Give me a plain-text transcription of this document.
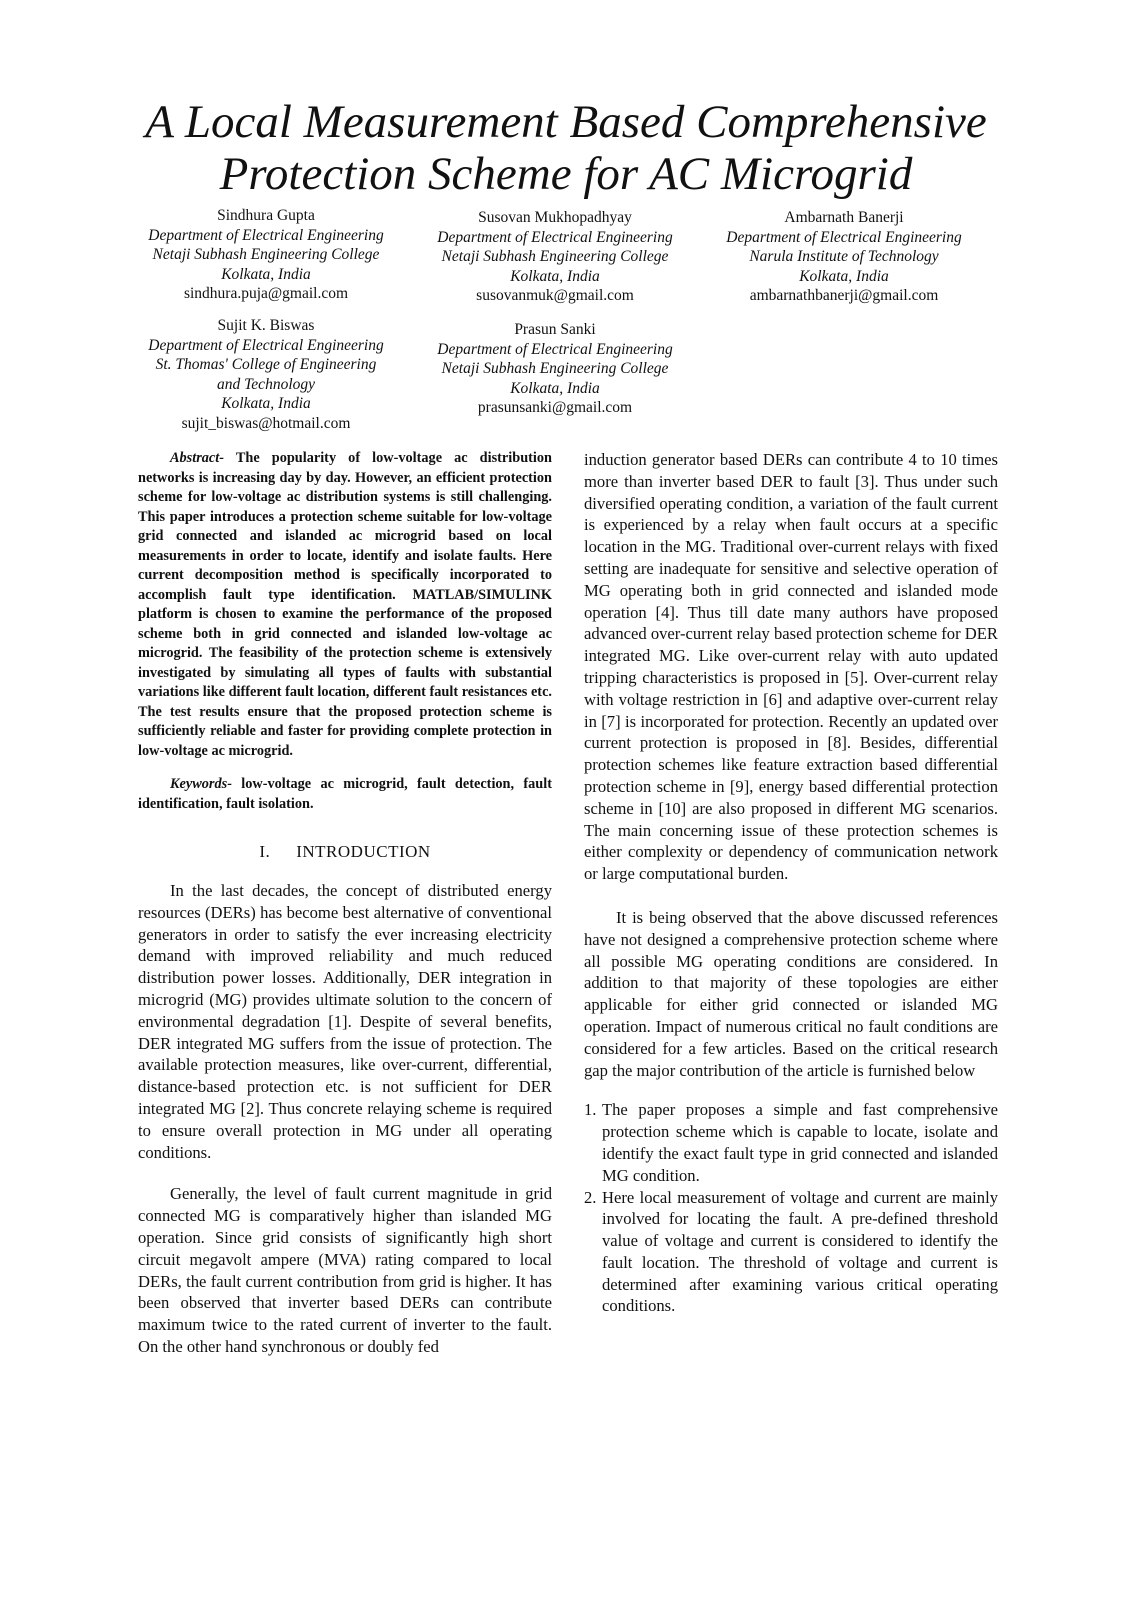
A Local Measurement Based Comprehensive
Protection Scheme for AC Microgrid
Sindhura Gupta
Department of Electrical Engineering
Netaji Subhash Engineering College
Kolkata, India
sindhura.puja@gmail.com
Susovan Mukhopadhyay
Department of Electrical Engineering
Netaji Subhash Engineering College
Kolkata, India
susovanmuk@gmail.com
Ambarnath Banerji
Department of Electrical Engineering
Narula Institute of Technology
Kolkata, India
ambarnathbanerji@gmail.com
Sujit K. Biswas
Department of Electrical Engineering
St. Thomas' College of Engineering
and Technology
Kolkata, India
sujit_biswas@hotmail.com
Prasun Sanki
Department of Electrical Engineering
Netaji Subhash Engineering College
Kolkata, India
prasunsanki@gmail.com

Abstract- The popularity of low-voltage ac distribution networks is increasing day by day. However, an efficient protection scheme for low-voltage ac distribution systems is still challenging. This paper introduces a protection scheme suitable for low-voltage grid connected and islanded ac microgrid based on local measurements in order to locate, identify and isolate faults. Here current decomposition method is specifically incorporated to accomplish fault type identification. MATLAB/SIMULINK platform is chosen to examine the performance of the proposed scheme both in grid connected and islanded low-voltage ac microgrid. The feasibility of the protection scheme is extensively investigated by simulating all types of faults with substantial variations like different fault location, different fault resistances etc. The test results ensure that the proposed protection scheme is sufficiently reliable and faster for providing complete protection in low-voltage ac microgrid.

Keywords- low-voltage ac microgrid, fault detection, fault identification, fault isolation.

I. INTRODUCTION

In the last decades, the concept of distributed energy resources (DERs) has become best alternative of conventional generators in order to satisfy the ever increasing electricity demand with improved reliability and much reduced distribution power losses. Additionally, DER integration in microgrid (MG) provides ultimate solution to the concern of environmental degradation [1]. Despite of several benefits, DER integrated MG suffers from the issue of protection. The available protection measures, like over-current, differential, distance-based protection etc. is not sufficient for DER integrated MG [2]. Thus concrete relaying scheme is required to ensure overall protection in MG under all operating conditions.

Generally, the level of fault current magnitude in grid connected MG is comparatively higher than islanded MG operation. Since grid consists of significantly high short circuit megavolt ampere (MVA) rating compared to local DERs, the fault current contribution from grid is higher. It has been observed that inverter based DERs can contribute maximum twice to the rated current of inverter to the fault. On the other hand synchronous or doubly fed

induction generator based DERs can contribute 4 to 10 times more than inverter based DER to fault [3]. Thus under such diversified operating condition, a variation of the fault current is experienced by a relay when fault occurs at a specific location in the MG. Traditional over-current relays with fixed setting are inadequate for sensitive and selective operation of MG operating both in grid connected and islanded mode operation [4]. Thus till date many authors have proposed advanced over-current relay based protection scheme for DER integrated MG. Like over-current relay with auto updated tripping characteristics is proposed in [5]. Over-current relay with voltage restriction in [6] and adaptive over-current relay in [7] is incorporated for protection. Recently an updated over current protection is proposed in [8]. Besides, differential protection schemes like feature extraction based differential protection scheme in [9], energy based differential protection scheme in [10] are also proposed in different MG scenarios. The main concerning issue of these protection schemes is either complexity or dependency of communication network or large computational burden.

It is being observed that the above discussed references have not designed a comprehensive protection scheme where all possible MG operating conditions are considered. In addition to that majority of these topologies are either applicable for either grid connected or islanded MG operation. Impact of numerous critical no fault conditions are considered for a few articles. Based on the critical research gap the major contribution of the article is furnished below

1. The paper proposes a simple and fast comprehensive protection scheme which is capable to locate, isolate and identify the exact fault type in grid connected and islanded MG condition.
2. Here local measurement of voltage and current are mainly involved for locating the fault. A pre-defined threshold value of voltage and current is considered to identify the fault location. The threshold of voltage and current is determined after examining various critical operating conditions.
